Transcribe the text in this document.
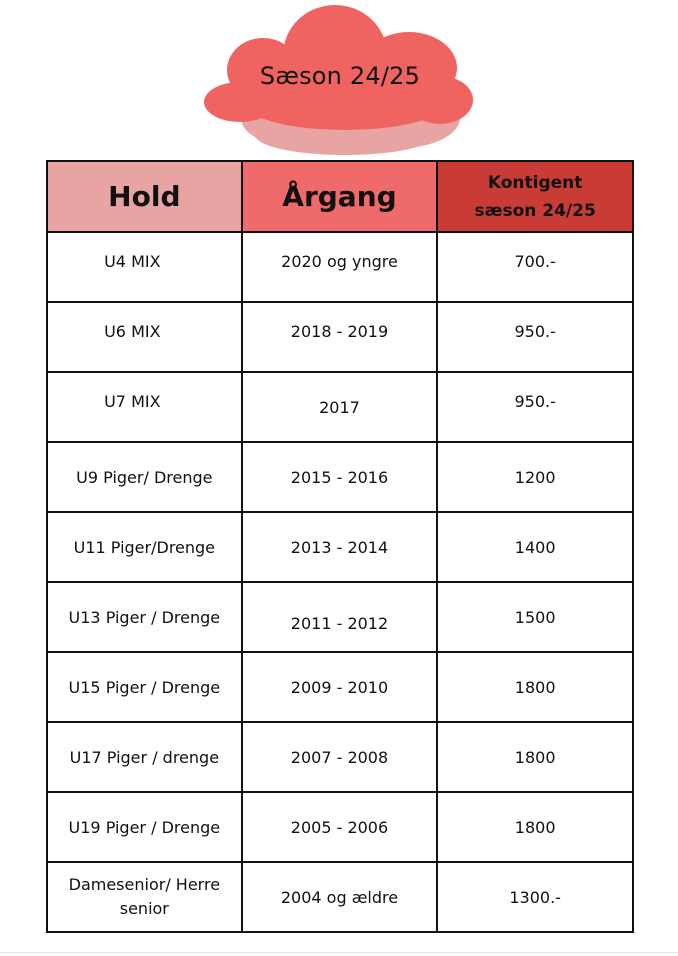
Sæson 24/25
Hold	Årgang	Kontigent
sæson 24/25
U4 MIX	2020 og yngre	700.-
U6 MIX	2018 - 2019	950.-
U7 MIX	2017	950.-
U9 Piger/ Drenge	2015 - 2016	1200
U11 Piger/Drenge	2013 - 2014	1400
U13 Piger / Drenge	2011 - 2012	1500
U15 Piger / Drenge	2009 - 2010	1800
U17 Piger / drenge	2007 - 2008	1800
U19 Piger / Drenge	2005 - 2006	1800
Damesenior/ Herre
senior	2004 og ældre	1300.-
